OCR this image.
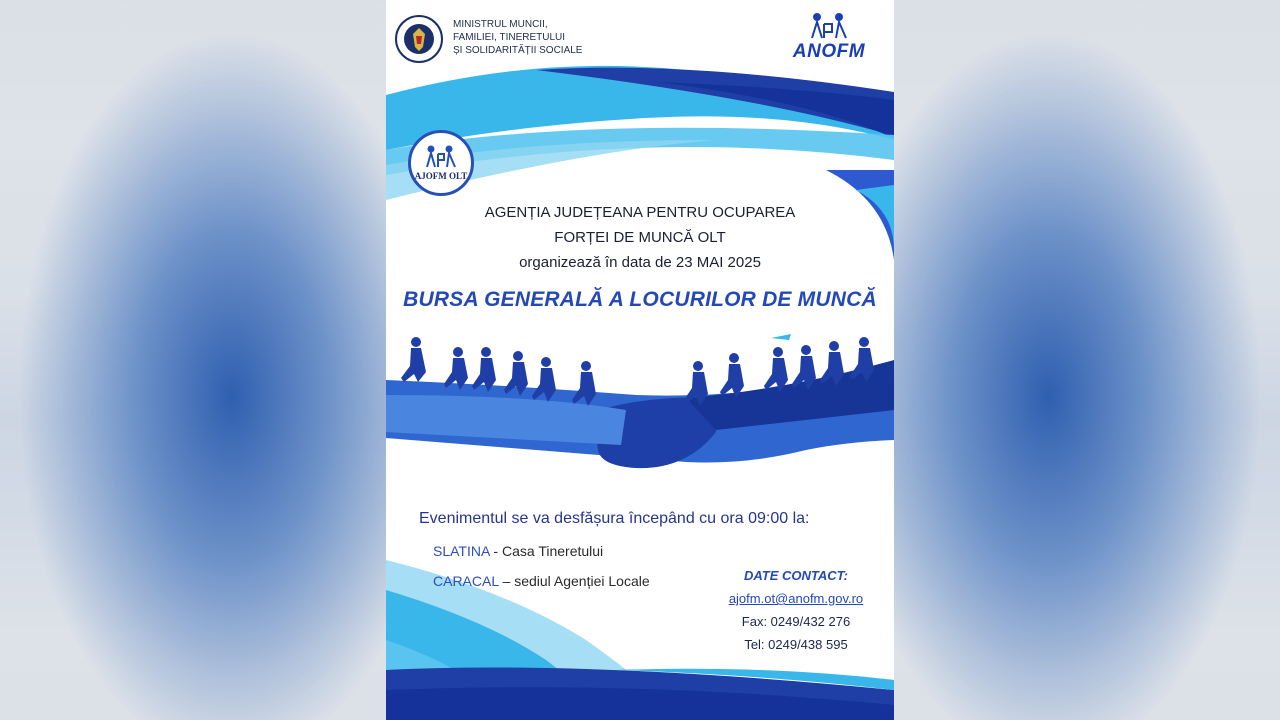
MINISTRUL MUNCII,
FAMILIEI, TINERETULUI
ȘI SOLIDARITĂȚII SOCIALE	ANOFM
AJOFM OLT
AGENȚIA JUDEȚEANA PENTRU OCUPAREA
FORȚEI DE MUNCĂ OLT
organizează în data de 23 MAI 2025
BURSA GENERALĂ A LOCURILOR DE MUNCĂ
Evenimentul se va desfășura începând cu ora 09:00 la:
SLATINA - Casa Tineretului
CARACAL – sediul Agenției Locale	DATE CONTACT:
ajofm.ot@anofm.gov.ro
Fax: 0249/432 276
Tel: 0249/438 595
